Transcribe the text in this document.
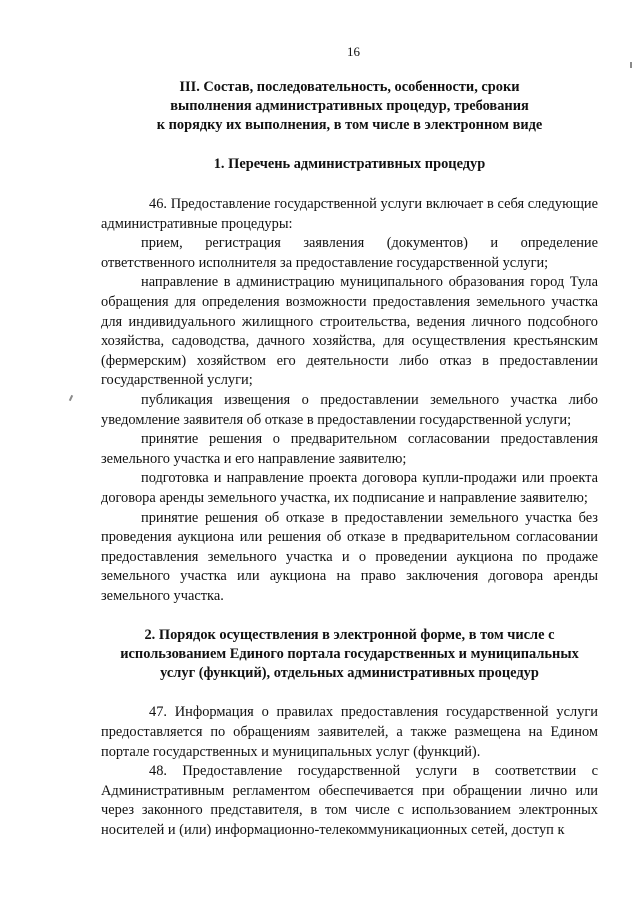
16
III. Состав, последовательность, особенности, сроки
выполнения административных процедур, требования
к порядку их выполнения, в том числе в электронном виде
1. Перечень административных процедур

46. Предоставление государственной услуги включает в себя следующие административные процедуры:

прием, регистрация заявления (документов) и определение ответственного исполнителя за предоставление государственной услуги;

направление в администрацию муниципального образования город Тула обращения для определения возможности предоставления земельного участка для индивидуального жилищного строительства, ведения личного подсобного хозяйства, садоводства, дачного хозяйства, для осуществления крестьянским (фермерским) хозяйством его деятельности либо отказ в предоставлении государственной услуги;

публикация извещения о предоставлении земельного участка либо уведомление заявителя об отказе в предоставлении государственной услуги;

принятие решения о предварительном согласовании предоставления земельного участка и его направление заявителю;

подготовка и направление проекта договора купли-продажи или проекта договора аренды земельного участка, их подписание и направление заявителю;

принятие решения об отказе в предоставлении земельного участка без проведения аукциона или решения об отказе в предварительном согласовании предоставления земельного участка и о проведении аукциона по продаже земельного участка или аукциона на право заключения договора аренды земельного участка.

2. Порядок осуществления в электронной форме, в том числе с
использованием Единого портала государственных и муниципальных
услуг (функций), отдельных административных процедур

47. Информация о правилах предоставления государственной услуги предоставляется по обращениям заявителей, а также размещена на Едином портале государственных и муниципальных услуг (функций).

48. Предоставление государственной услуги в соответствии с Административным регламентом обеспечивается при обращении лично или через законного представителя, в том числе с использованием электронных носителей и (или) информационно-телекоммуникационных сетей, доступ к
